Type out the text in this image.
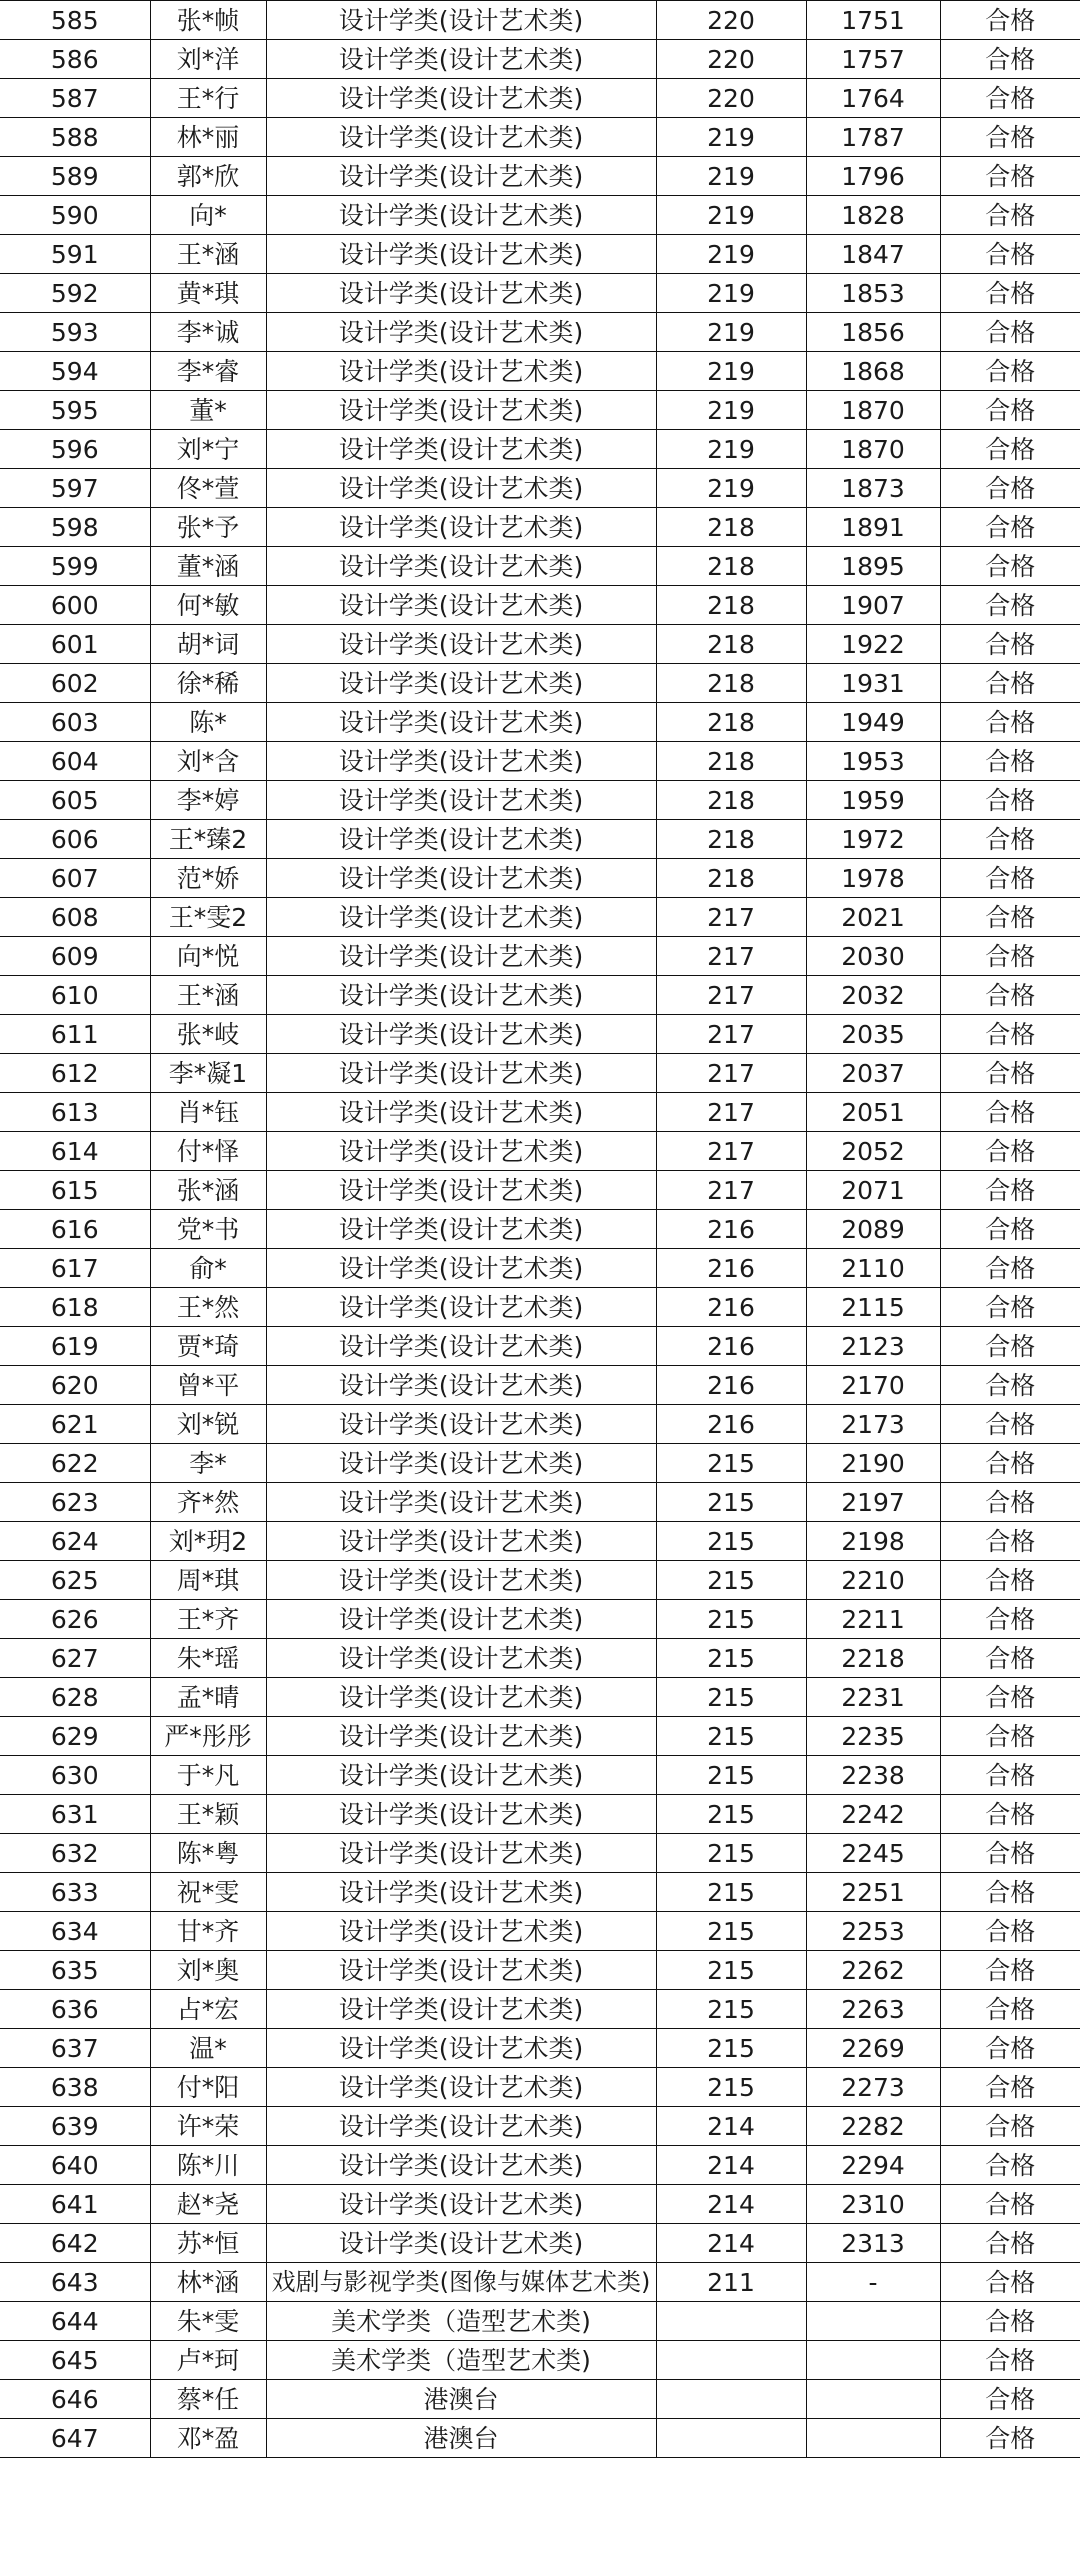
585	张*帧	设计学类(设计艺术类)	220	1751	合格
586	刘*洋	设计学类(设计艺术类)	220	1757	合格
587	王*行	设计学类(设计艺术类)	220	1764	合格
588	林*丽	设计学类(设计艺术类)	219	1787	合格
589	郭*欣	设计学类(设计艺术类)	219	1796	合格
590	向*	设计学类(设计艺术类)	219	1828	合格
591	王*涵	设计学类(设计艺术类)	219	1847	合格
592	黄*琪	设计学类(设计艺术类)	219	1853	合格
593	李*诚	设计学类(设计艺术类)	219	1856	合格
594	李*睿	设计学类(设计艺术类)	219	1868	合格
595	董*	设计学类(设计艺术类)	219	1870	合格
596	刘*宁	设计学类(设计艺术类)	219	1870	合格
597	佟*萱	设计学类(设计艺术类)	219	1873	合格
598	张*予	设计学类(设计艺术类)	218	1891	合格
599	董*涵	设计学类(设计艺术类)	218	1895	合格
600	何*敏	设计学类(设计艺术类)	218	1907	合格
601	胡*词	设计学类(设计艺术类)	218	1922	合格
602	徐*稀	设计学类(设计艺术类)	218	1931	合格
603	陈*	设计学类(设计艺术类)	218	1949	合格
604	刘*含	设计学类(设计艺术类)	218	1953	合格
605	李*婷	设计学类(设计艺术类)	218	1959	合格
606	王*臻2	设计学类(设计艺术类)	218	1972	合格
607	范*娇	设计学类(设计艺术类)	218	1978	合格
608	王*雯2	设计学类(设计艺术类)	217	2021	合格
609	向*悦	设计学类(设计艺术类)	217	2030	合格
610	王*涵	设计学类(设计艺术类)	217	2032	合格
611	张*岐	设计学类(设计艺术类)	217	2035	合格
612	李*凝1	设计学类(设计艺术类)	217	2037	合格
613	肖*钰	设计学类(设计艺术类)	217	2051	合格
614	付*怿	设计学类(设计艺术类)	217	2052	合格
615	张*涵	设计学类(设计艺术类)	217	2071	合格
616	党*书	设计学类(设计艺术类)	216	2089	合格
617	俞*	设计学类(设计艺术类)	216	2110	合格
618	王*然	设计学类(设计艺术类)	216	2115	合格
619	贾*琦	设计学类(设计艺术类)	216	2123	合格
620	曾*平	设计学类(设计艺术类)	216	2170	合格
621	刘*锐	设计学类(设计艺术类)	216	2173	合格
622	李*	设计学类(设计艺术类)	215	2190	合格
623	齐*然	设计学类(设计艺术类)	215	2197	合格
624	刘*玥2	设计学类(设计艺术类)	215	2198	合格
625	周*琪	设计学类(设计艺术类)	215	2210	合格
626	王*齐	设计学类(设计艺术类)	215	2211	合格
627	朱*瑶	设计学类(设计艺术类)	215	2218	合格
628	孟*晴	设计学类(设计艺术类)	215	2231	合格
629	严*彤彤	设计学类(设计艺术类)	215	2235	合格
630	于*凡	设计学类(设计艺术类)	215	2238	合格
631	王*颖	设计学类(设计艺术类)	215	2242	合格
632	陈*粤	设计学类(设计艺术类)	215	2245	合格
633	祝*雯	设计学类(设计艺术类)	215	2251	合格
634	甘*齐	设计学类(设计艺术类)	215	2253	合格
635	刘*奥	设计学类(设计艺术类)	215	2262	合格
636	占*宏	设计学类(设计艺术类)	215	2263	合格
637	温*	设计学类(设计艺术类)	215	2269	合格
638	付*阳	设计学类(设计艺术类)	215	2273	合格
639	许*荣	设计学类(设计艺术类)	214	2282	合格
640	陈*川	设计学类(设计艺术类)	214	2294	合格
641	赵*尧	设计学类(设计艺术类)	214	2310	合格
642	苏*恒	设计学类(设计艺术类)	214	2313	合格
643	林*涵	戏剧与影视学类(图像与媒体艺术类)	211	-	合格
644	朱*雯	美术学类（造型艺术类)			合格
645	卢*珂	美术学类（造型艺术类)			合格
646	蔡*任	港澳台			合格
647	邓*盈	港澳台			合格
